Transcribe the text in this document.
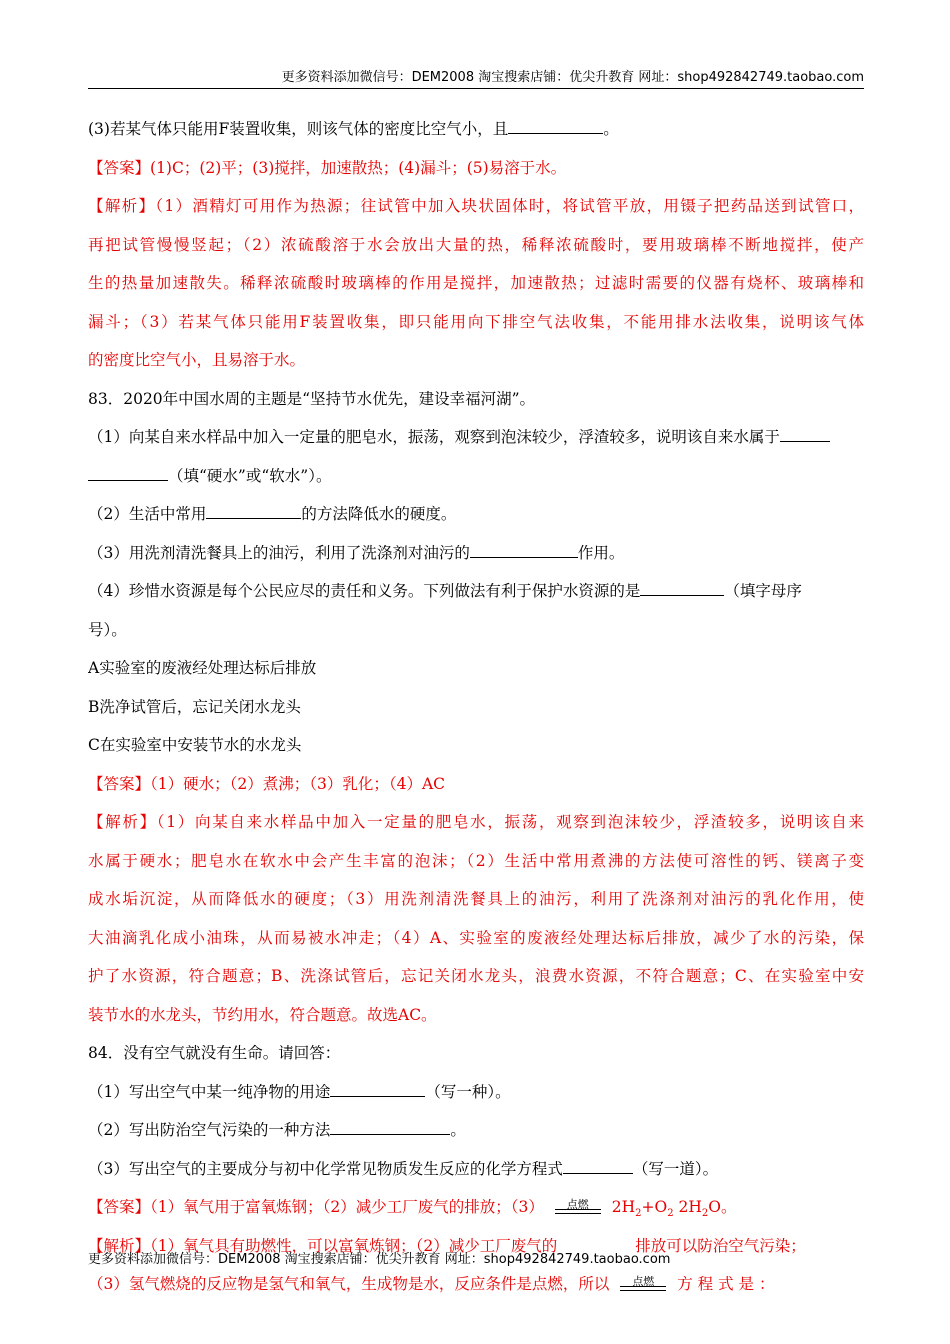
更多资料添加微信号：DEM2008 淘宝搜索店铺：优尖升教育 网址：shop492842749.taobao.com
(3)若某气体只能用F装置收集，则该气体的密度比空气小，且	。
【答案】(1)C；(2)平；(3)搅拌，加速散热；(4)漏斗；(5)易溶于水。
【解析】（1）酒精灯可用作为热源；往试管中加入块状固体时，将试管平放，用镊子把药品送到试管口，
再把试管慢慢竖起；（2）浓硫酸溶于水会放出大量的热，稀释浓硫酸时，要用玻璃棒不断地搅拌，使产
生的热量加速散失。稀释浓硫酸时玻璃棒的作用是搅拌，加速散热；过滤时需要的仪器有烧杯、玻璃棒和
漏斗；（3）若某气体只能用F装置收集，即只能用向下排空气法收集，不能用排水法收集，说明该气体
的密度比空气小，且易溶于水。
83．2020年中国水周的主题是“坚持节水优先，建设幸福河湖”。
（1）向某自来水样品中加入一定量的肥皂水，振荡，观察到泡沫较少，浮渣较多，说明该自来水属于
（填“硬水”或“软水”）。
（2）生活中常用	的方法降低水的硬度。
（3）用洗剂清洗餐具上的油污，利用了洗涤剂对油污的	作用。
（4）珍惜水资源是每个公民应尽的责任和义务。下列做法有利于保护水资源的是	（填字母序
号）。
A实验室的废液经处理达标后排放
B洗净试管后，忘记关闭水龙头
C在实验室中安装节水的水龙头
【答案】（1）硬水；（2）煮沸；（3）乳化；（4）AC
【解析】（1）向某自来水样品中加入一定量的肥皂水，振荡，观察到泡沫较少，浮渣较多，说明该自来
水属于硬水；肥皂水在软水中会产生丰富的泡沫；（2）生活中常用煮沸的方法使可溶性的钙、镁离子变
成水垢沉淀，从而降低水的硬度；（3）用洗剂清洗餐具上的油污，利用了洗涤剂对油污的乳化作用，使
大油滴乳化成小油珠，从而易被水冲走；（4）A、实验室的废液经处理达标后排放，减少了水的污染，保
护了水资源，符合题意；B、洗涤试管后，忘记关闭水龙头，浪费水资源，不符合题意；C、在实验室中安
装节水的水龙头，节约用水，符合题意。故选AC。
84．没有空气就没有生命。请回答：
（1）写出空气中某一纯净物的用途	（写一种）。
（2）写出防治空气污染的一种方法	。
（3）写出空气的主要成分与初中化学常见物质发生反应的化学方程式	（写一道）。
【答案】（1）氧气用于富氧炼钢；（2）减少工厂废气的排放；（3）	点燃	$2H_2+O_2$ $2H_2O$。
【解析】（1）氧气具有助燃性，可以富氧炼钢；（2）减少工厂废气的	排放可以防治空气污染；
（3）氢气燃烧的反应物是氢气和氧气，生成物是水，反应条件是点燃，所以	点燃	方 程 式 是 ：
更多资料添加微信号：DEM2008 淘宝搜索店铺：优尖升教育 网址：shop492842749.taobao.com
